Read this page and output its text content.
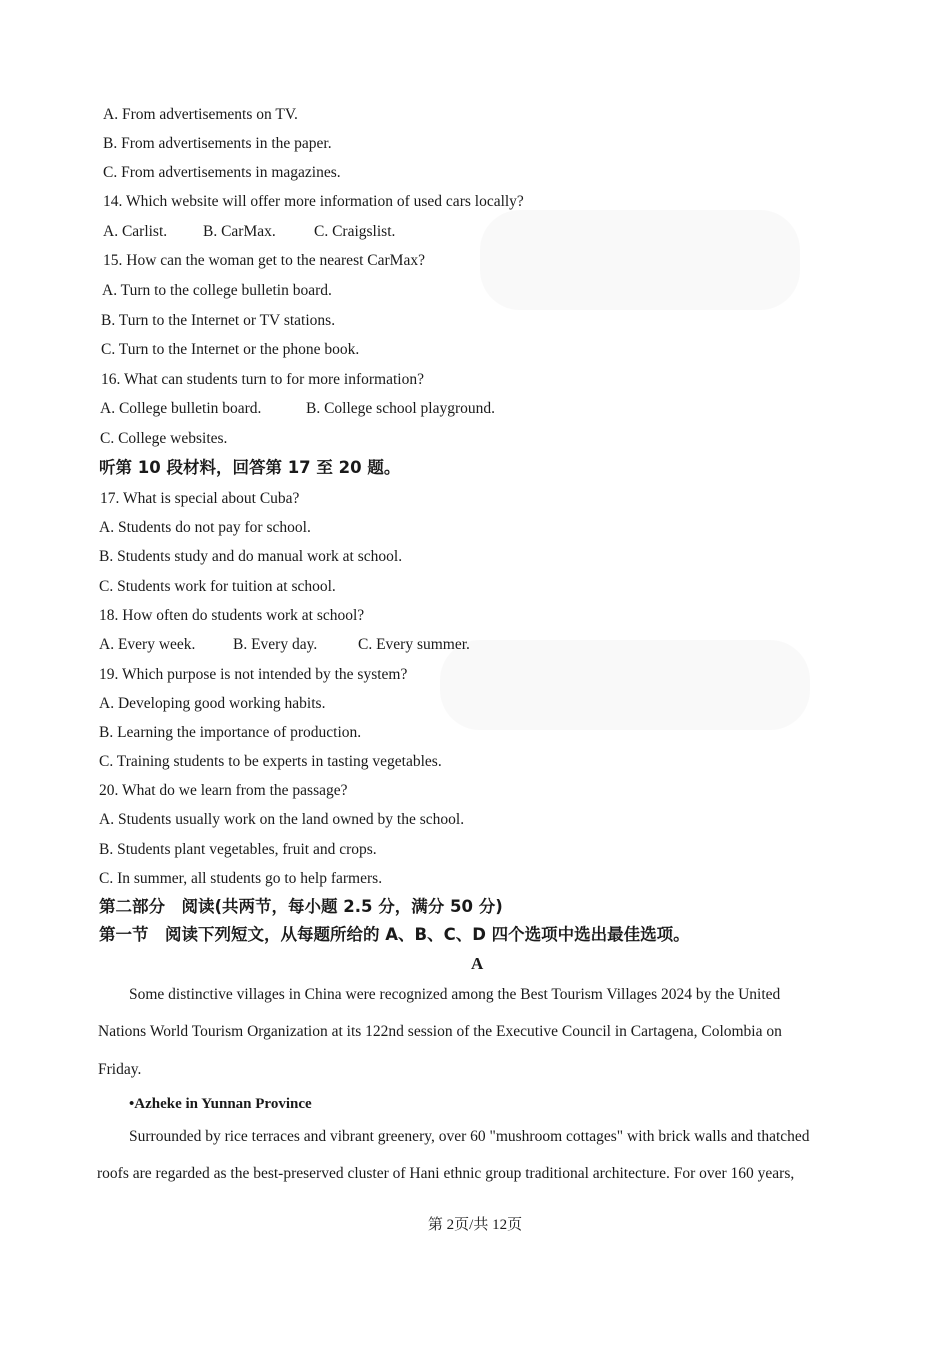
A. From advertisements on TV.
B. From advertisements in the paper.
C. From advertisements in magazines.
14. Which website will offer more information of used cars locally?
A. Carlist. B. CarMax. C. Craigslist.
15. How can the woman get to the nearest CarMax?
A. Turn to the college bulletin board.
B. Turn to the Internet or TV stations.
C. Turn to the Internet or the phone book.
16. What can students turn to for more information?
A. College bulletin board.	B. College school playground.
C. College websites.
听第 10 段材料，回答第 17 至 20 题。
17. What is special about Cuba?
A. Students do not pay for school.
B. Students study and do manual work at school.
C. Students work for tuition at school.
18. How often do students work at school?
A. Every week. B. Every day.	C. Every summer.
19. Which purpose is not intended by the system?
A. Developing good working habits.
B. Learning the importance of production.
C. Training students to be experts in tasting vegetables.
20. What do we learn from the passage?
A. Students usually work on the land owned by the school.
B. Students plant vegetables, fruit and crops.
C. In summer, all students go to help farmers.
第二部分　阅读(共两节，每小题 2.5 分，满分 50 分)
第一节　阅读下列短文，从每题所给的 A、B、C、D 四个选项中选出最佳选项。
A
Some distinctive villages in China were recognized among the Best Tourism Villages 2024 by the United
Nations World Tourism Organization at its 122nd session of the Executive Council in Cartagena, Colombia on
Friday.
•Azheke in Yunnan Province
Surrounded by rice terraces and vibrant greenery, over 60 "mushroom cottages" with brick walls and thatched
roofs are regarded as the best-preserved cluster of Hani ethnic group traditional architecture. For over 160 years,
第 2页/共 12页
